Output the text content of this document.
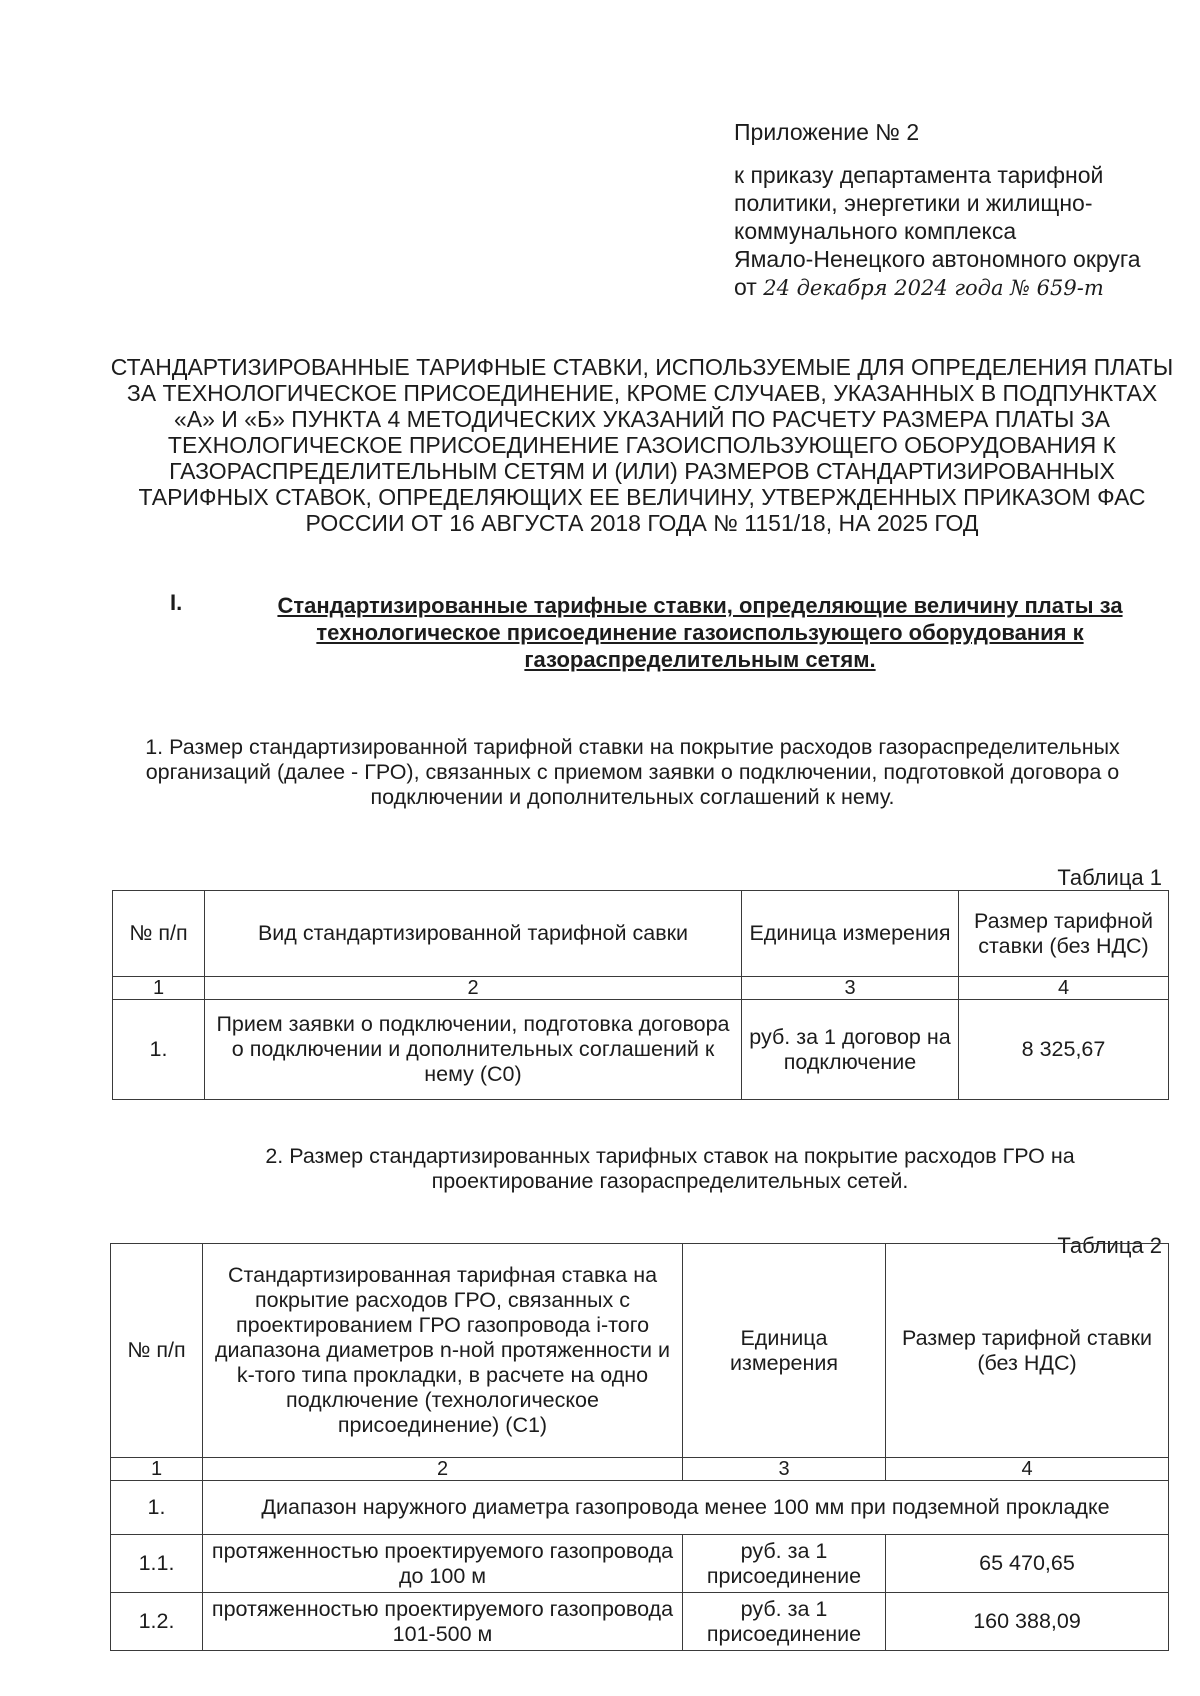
Приложение № 2
к приказу департамента тарифной
политики, энергетики и жилищно-
коммунального комплекса
Ямало-Ненецкого автономного округа
от 24 декабря 2024 года № 659-т
СТАНДАРТИЗИРОВАННЫЕ ТАРИФНЫЕ СТАВКИ, ИСПОЛЬЗУЕМЫЕ ДЛЯ ОПРЕДЕЛЕНИЯ ПЛАТЫ ЗА ТЕХНОЛОГИЧЕСКОЕ ПРИСОЕДИНЕНИЕ, КРОМЕ СЛУЧАЕВ, УКАЗАННЫХ В ПОДПУНКТАХ «А» И «Б» ПУНКТА 4 МЕТОДИЧЕСКИХ УКАЗАНИЙ ПО РАСЧЕТУ РАЗМЕРА ПЛАТЫ ЗА ТЕХНОЛОГИЧЕСКОЕ ПРИСОЕДИНЕНИЕ ГАЗОИСПОЛЬЗУЮЩЕГО ОБОРУДОВАНИЯ К ГАЗОРАСПРЕДЕЛИТЕЛЬНЫМ СЕТЯМ И (ИЛИ) РАЗМЕРОВ СТАНДАРТИЗИРОВАННЫХ ТАРИФНЫХ СТАВОК, ОПРЕДЕЛЯЮЩИХ ЕЕ ВЕЛИЧИНУ, УТВЕРЖДЕННЫХ ПРИКАЗОМ ФАС РОССИИ ОТ 16 АВГУСТА 2018 ГОДА № 1151/18, НА 2025 ГОД
I.	Стандартизированные тарифные ставки, определяющие величину платы за технологическое присоединение газоиспользующего оборудования к газораспределительным сетям.
1. Размер стандартизированной тарифной ставки на покрытие расходов газораспределительных организаций (далее - ГРО), связанных с приемом заявки о подключении, подготовкой договора о подключении и дополнительных соглашений к нему.
Таблица 1
№ п/п	Вид стандартизированной тарифной савки	Единица измерения	Размер тарифной ставки (без НДС)
1	2	3	4
1.	Прием заявки о подключении, подготовка договора о подключении и дополнительных соглашений к нему (С0)	руб. за 1 договор на подключение	8 325,67
2. Размер стандартизированных тарифных ставок на покрытие расходов ГРО на проектирование газораспределительных сетей.
Таблица 2
№ п/п	Стандартизированная тарифная ставка на покрытие расходов ГРО, связанных с проектированием ГРО газопровода i-того диапазона диаметров n-ной протяженности и k-того типа прокладки, в расчете на одно подключение (технологическое присоединение) (С1)	Единица измерения	Размер тарифной ставки (без НДС)
1	2	3	4
1.	Диапазон наружного диаметра газопровода менее 100 мм при подземной прокладке		
1.1.	протяженностью проектируемого газопровода до 100 м	руб. за 1 присоединение	65 470,65
1.2.	протяженностью проектируемого газопровода 101-500 м	руб. за 1 присоединение	160 388,09
